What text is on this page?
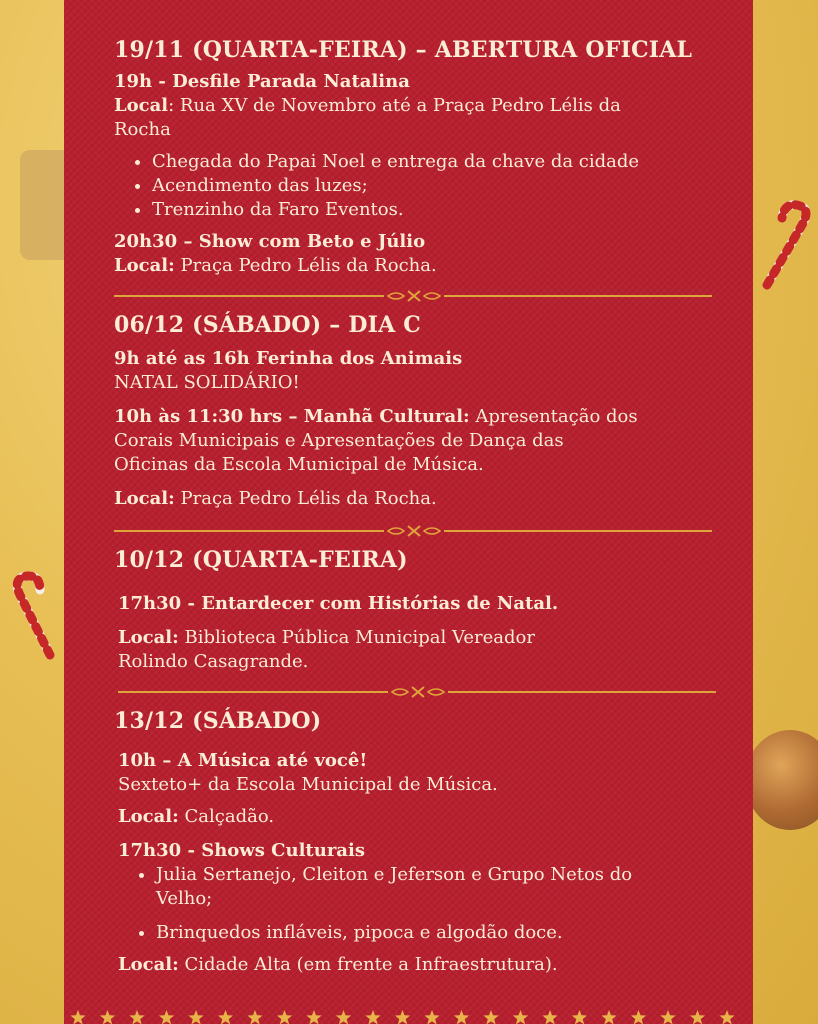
19/11 (QUARTA-FEIRA) – ABERTURA OFICIAL
19h - Desfile Parada Natalina
Local: Rua XV de Novembro até a Praça Pedro Lélis da
Rocha
• Chegada do Papai Noel e entrega da chave da cidade
• Acendimento das luzes;
• Trenzinho da Faro Eventos.
20h30 – Show com Beto e Júlio
Local: Praça Pedro Lélis da Rocha.
06/12 (SÁBADO) – DIA C
9h até as 16h Ferinha dos Animais
NATAL SOLIDÁRIO!
10h às 11:30 hrs – Manhã Cultural: Apresentação dos
Corais Municipais e Apresentações de Dança das
Oficinas da Escola Municipal de Música.
Local: Praça Pedro Lélis da Rocha.
10/12 (QUARTA-FEIRA)
17h30 - Entardecer com Histórias de Natal.
Local: Biblioteca Pública Municipal Vereador
Rolindo Casagrande.
13/12 (SÁBADO)
10h – A Música até você!
Sexteto+ da Escola Municipal de Música.
Local: Calçadão.
17h30 - Shows Culturais
• Julia Sertanejo, Cleiton e Jeferson e Grupo Netos do
Velho;
• Brinquedos infláveis, pipoca e algodão doce.
Local: Cidade Alta (em frente a Infraestrutura).
